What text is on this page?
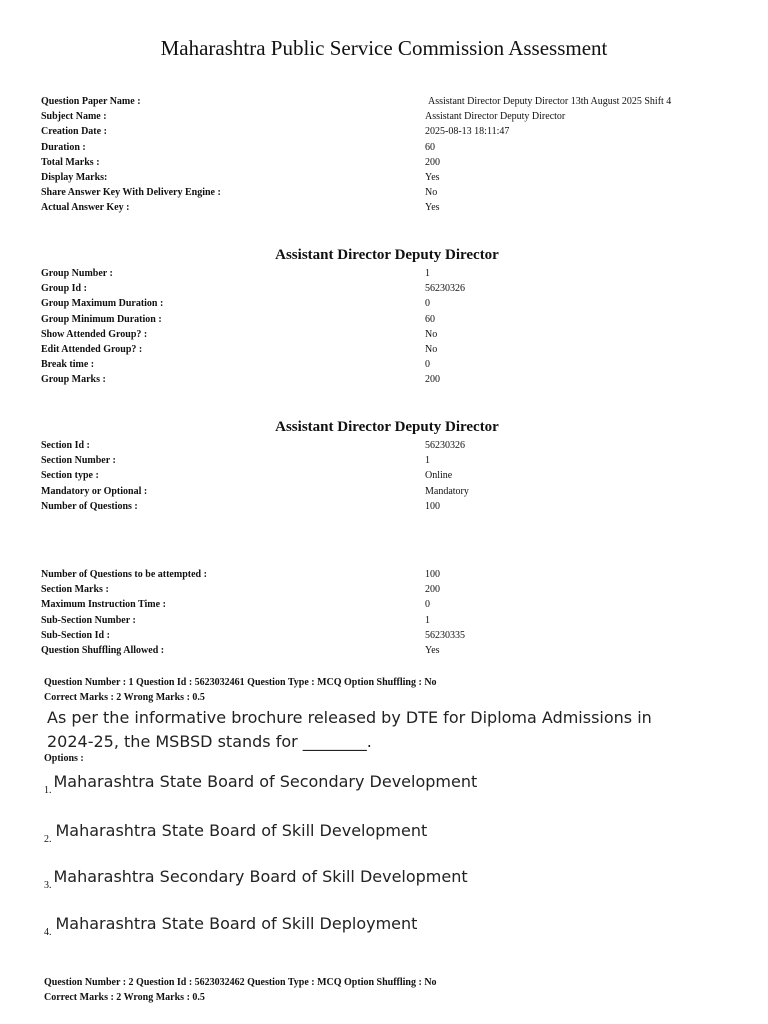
Maharashtra Public Service Commission Assessment
Question Paper Name :	Assistant Director Deputy Director 13th August 2025 Shift 4
Subject Name :	Assistant Director Deputy Director
Creation Date :	2025-08-13 18:11:47
Duration :	60
Total Marks :	200
Display Marks:	Yes
Share Answer Key With Delivery Engine :	No
Actual Answer Key :	Yes
Assistant Director Deputy Director
Group Number :	1
Group Id :	56230326
Group Maximum Duration :	0
Group Minimum Duration :	60
Show Attended Group? :	No
Edit Attended Group? :	No
Break time :	0
Group Marks :	200
Assistant Director Deputy Director
Section Id :	56230326
Section Number :	1
Section type :	Online
Mandatory or Optional :	Mandatory
Number of Questions :	100
Number of Questions to be attempted :	100
Section Marks :	200
Maximum Instruction Time :	0
Sub-Section Number :	1
Sub-Section Id :	56230335
Question Shuffling Allowed :	Yes
Question Number : 1 Question Id : 5623032461 Question Type : MCQ Option Shuffling : No
Correct Marks : 2 Wrong Marks : 0.5
As per the informative brochure released by DTE for Diploma Admissions in
2024-25, the MSBSD stands for ________.
Options :
$_{1.}$ Maharashtra State Board of Secondary Development
$_{2.}$ Maharashtra State Board of Skill Development
$_{3.}$ Maharashtra Secondary Board of Skill Development
$_{4.}$ Maharashtra State Board of Skill Deployment
Question Number : 2 Question Id : 5623032462 Question Type : MCQ Option Shuffling : No
Correct Marks : 2 Wrong Marks : 0.5
